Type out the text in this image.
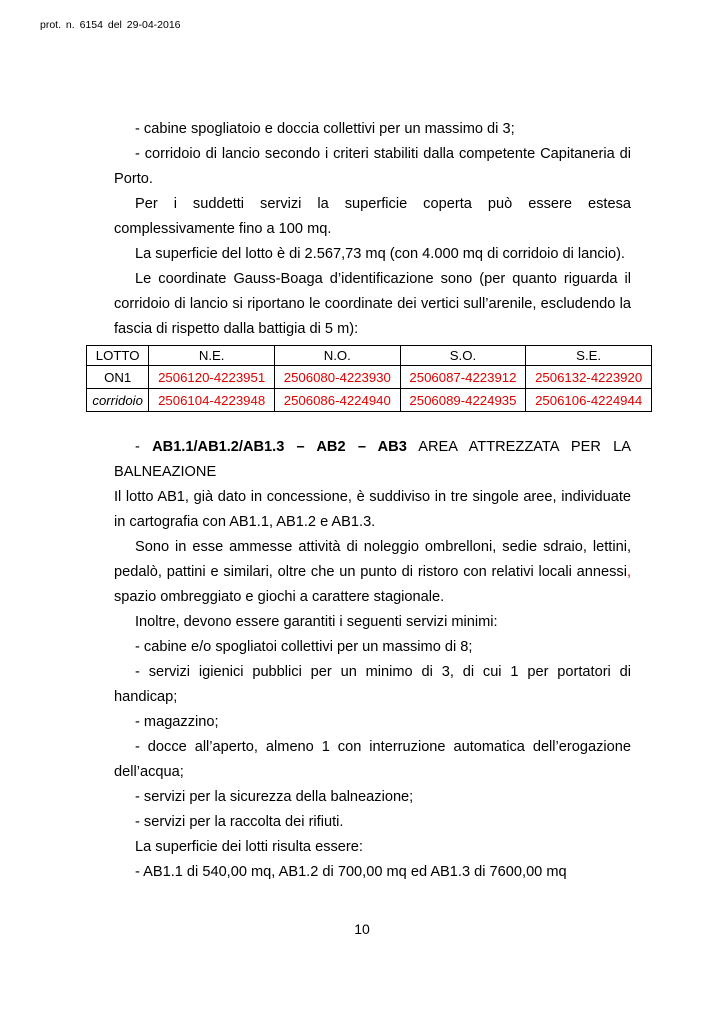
prot. n. 6154 del 29-04-2016

- cabine spogliatoio e doccia collettivi per un massimo di 3;

- corridoio di lancio secondo i criteri stabiliti dalla competente Capitaneria di Porto.

Per i suddetti servizi la superficie coperta può essere estesa complessivamente fino a 100 mq.

La superficie del lotto è di 2.567,73 mq (con 4.000 mq di corridoio di lancio).

Le coordinate Gauss-Boaga d’identificazione sono (per quanto riguarda il corridoio di lancio si riportano le coordinate dei vertici sull’arenile, escludendo la fascia di rispetto dalla battigia di 5 m):

LOTTO	N.E.	N.O.	S.O.	S.E.
ON1	2506120-4223951	2506080-4223930	2506087-4223912	2506132-4223920
corridoio	2506104-4223948	2506086-4224940	2506089-4224935	2506106-4224944

- AB1.1/AB1.2/AB1.3 – AB2 – AB3 AREA ATTREZZATA PER LA BALNEAZIONE

Il lotto AB1, già dato in concessione, è suddiviso in tre singole aree, individuate in cartografia con AB1.1, AB1.2 e AB1.3.

Sono in esse ammesse attività di noleggio ombrelloni, sedie sdraio, lettini, pedalò, pattini e similari, oltre che un punto di ristoro con relativi locali annessi, spazio ombreggiato e giochi a carattere stagionale.

Inoltre, devono essere garantiti i seguenti servizi minimi:

- cabine e/o spogliatoi collettivi per un massimo di 8;

- servizi igienici pubblici per un minimo di 3, di cui 1 per portatori di handicap;

- magazzino;

- docce all’aperto, almeno 1 con interruzione automatica dell’erogazione dell’acqua;

- servizi per la sicurezza della balneazione;

- servizi per la raccolta dei rifiuti.

La superficie dei lotti risulta essere:

- AB1.1 di 540,00 mq, AB1.2 di 700,00 mq ed AB1.3 di 7600,00 mq

10
